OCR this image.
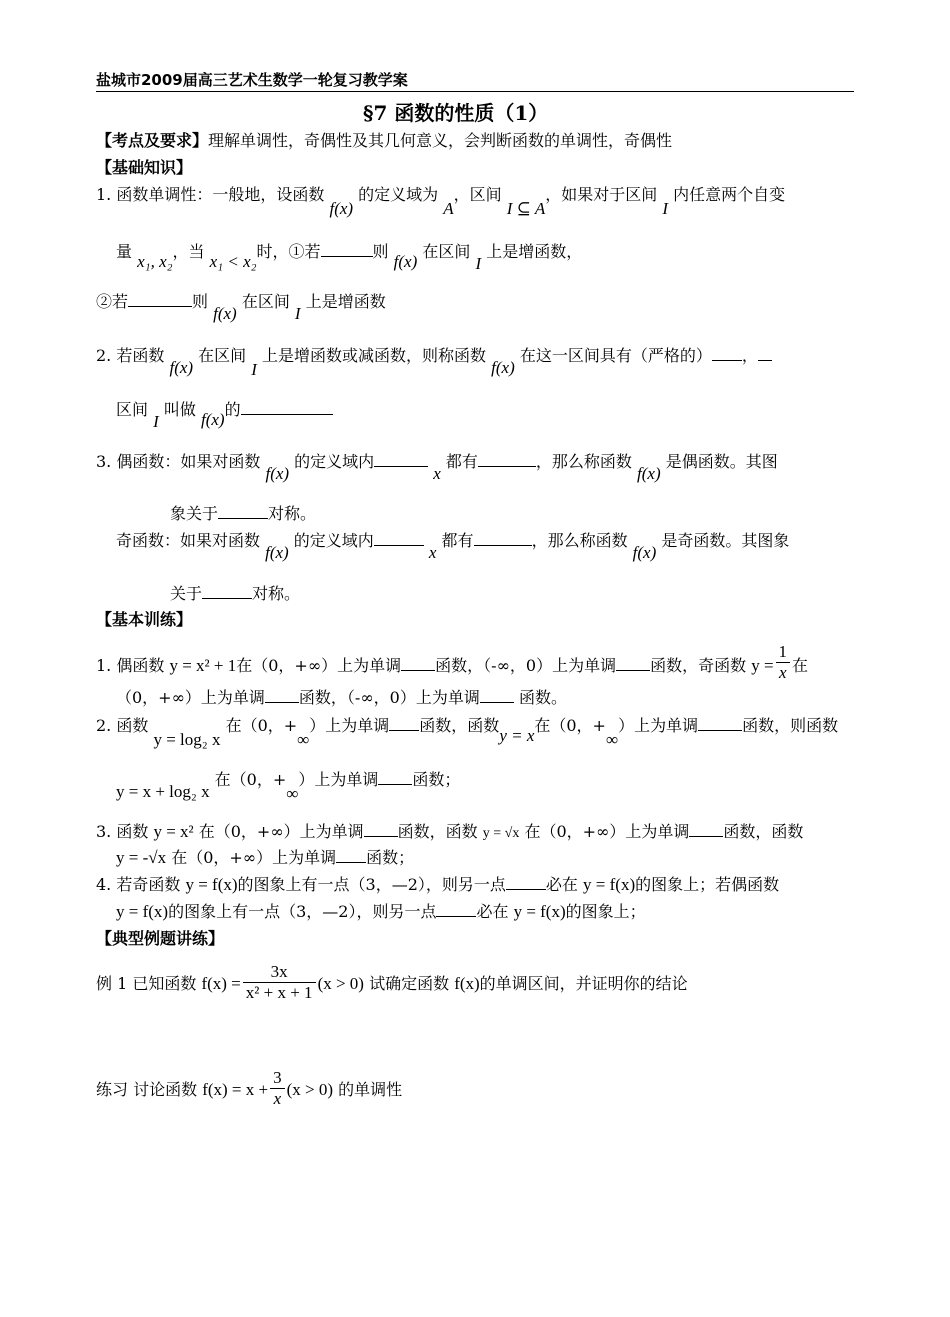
盐城市2009届高三艺术生数学一轮复习教学案
§7 函数的性质（1）
【考点及要求】理解单调性，奇偶性及其几何意义，会判断函数的单调性，奇偶性
【基础知识】
1. 函数单调性：一般地，设函数 f(x) 的定义域为 A，区间 I ⊆ A，如果对于区间 I 内任意两个自变
量 x₁, x₂，当 x₁ < x₂时，①若	则 f(x) 在区间 I 上是增函数，
②若	则 f(x) 在区间 I 上是增函数
2. 若函数 f(x) 在区间 I 上是增函数或减函数，则称函数 f(x) 在这一区间具有（严格的） ，
区间 I 叫做 f(x)的
3. 偶函数：如果对函数 f(x) 的定义域内 x 都有	，那么称函数 f(x) 是偶函数。其图
象关于	对称。
奇函数：如果对函数 f(x) 的定义域内 x 都有	，那么称函数 f(x) 是奇函数。其图象
关于	对称。
【基本训练】
1. 偶函数 y = x² + 1在（0，+∞）上为单调 函数，（-∞，0）上为单调 函数，奇函数 $y = \frac{1}{x}$ 在
（0，+∞）上为单调 函数，（-∞，0）上为单调 函数。
2. 函数 y = log₂ x 在（0，+∞）上为单调 函数，函数y = x在（0，+∞）上为单调	函数，则函数
y = x + log₂ x 在（0，+∞）上为单调 函数；
3. 函数 y = x² 在（0，+∞）上为单调 函数，函数 y = √x 在（0，+∞）上为单调 函数，函数
y = -√x 在（0，+∞）上为单调 函数；
4. 若奇函数 y = f(x)的图象上有一点（3，—2），则另一点	必在 y = f(x)的图象上；若偶函数
y = f(x)的图象上有一点（3，—2），则另一点	必在 y = f(x)的图象上；
【典型例题讲练】
例 1 已知函数 $f(x) = \frac{3x}{\text{x² + x + 1}} (x > 0)$ 试确定函数 f(x)的单调区间，并证明你的结论
练习 讨论函数 $f(x) = x + \frac{3}{x} (x > 0)$ 的单调性
